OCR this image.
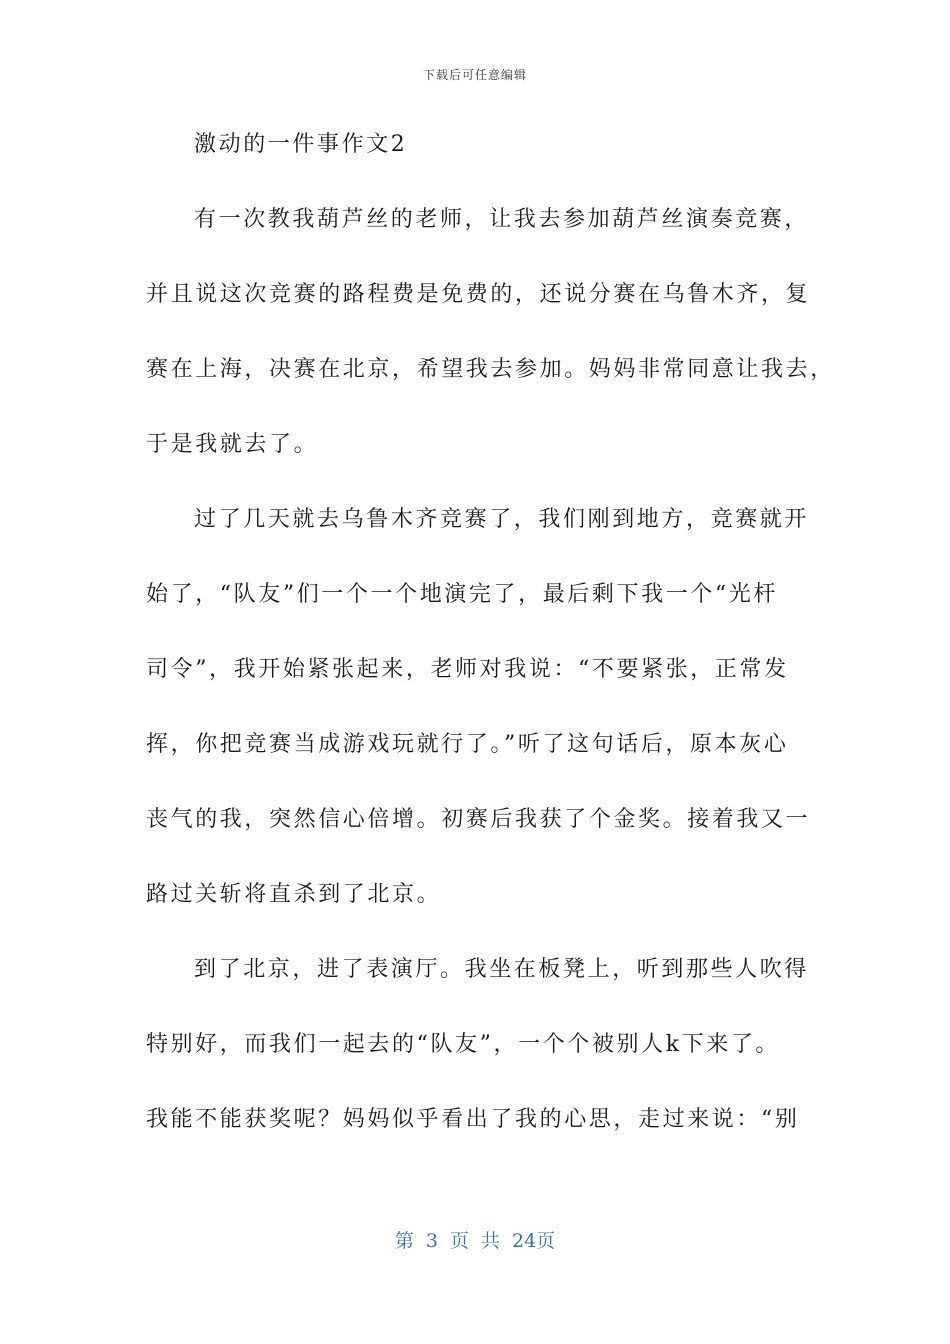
下载后可任意编辑
激动的一件事作文2
有一次教我葫芦丝的老师，让我去参加葫芦丝演奏竞赛，
并且说这次竞赛的路程费是免费的，还说分赛在乌鲁木齐，复
赛在上海，决赛在北京，希望我去参加。妈妈非常同意让我去，
于是我就去了。
过了几天就去乌鲁木齐竞赛了，我们刚到地方，竞赛就开
始了，“队友”们一个一个地演完了，最后剩下我一个“光杆
司令”，我开始紧张起来，老师对我说：“不要紧张，正常发
挥，你把竞赛当成游戏玩就行了。”听了这句话后，原本灰心
丧气的我，突然信心倍增。初赛后我获了个金奖。接着我又一
路过关斩将直杀到了北京。
到了北京，进了表演厅。我坐在板凳上，听到那些人吹得
特别好，而我们一起去的“队友”，一个个被别人k下来了。
我能不能获奖呢？妈妈似乎看出了我的心思，走过来说：“别
第 3 页 共 24页
